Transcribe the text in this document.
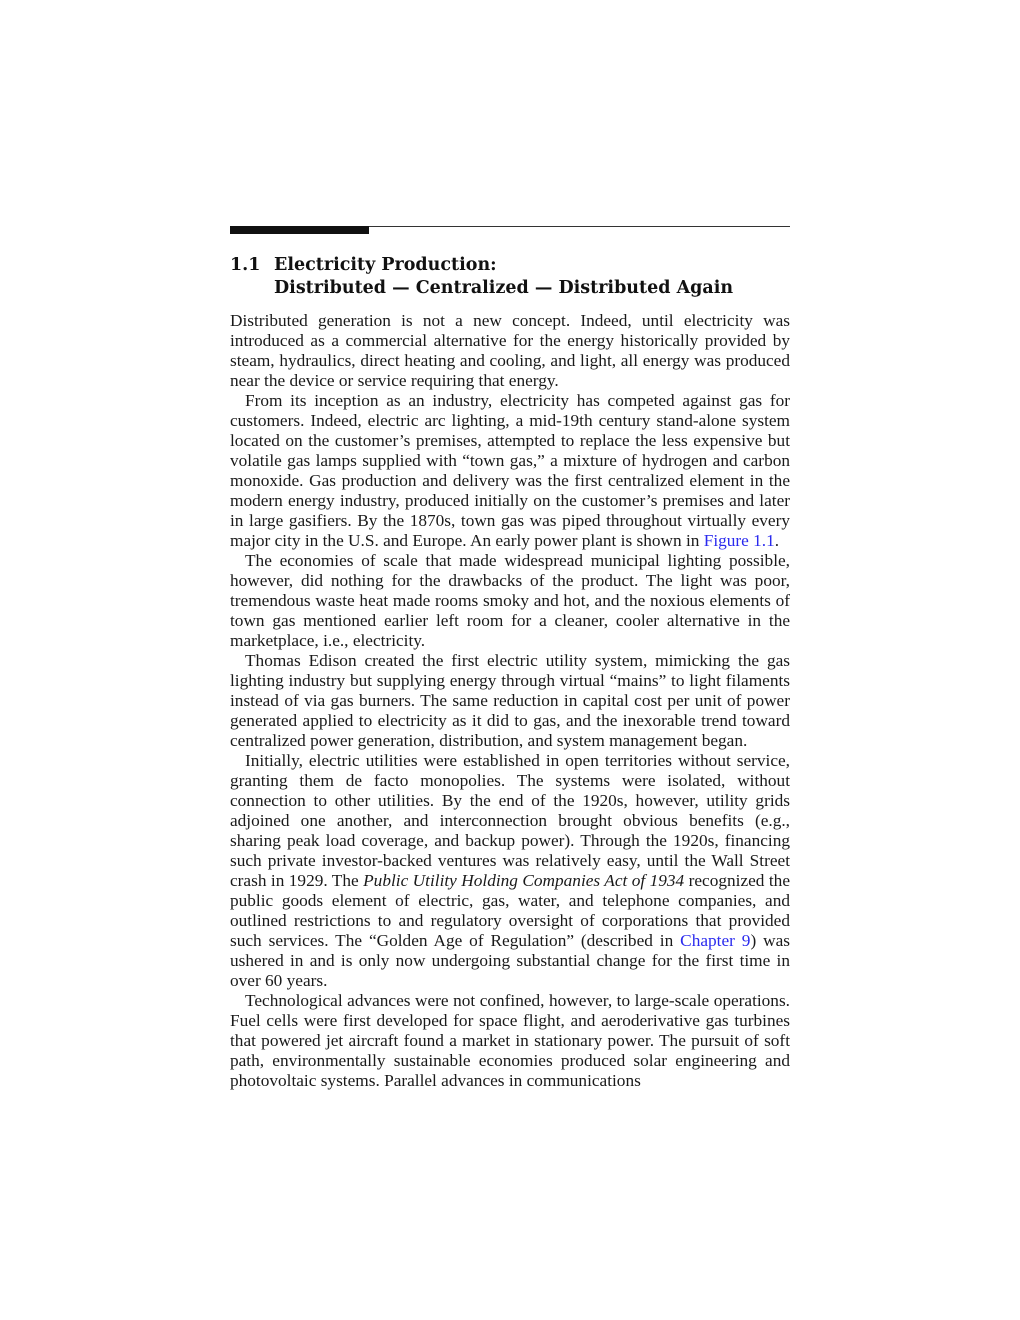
1.1 Electricity Production:
Distributed — Centralized — Distributed Again

Distributed generation is not a new concept. Indeed, until electricity was introduced as a commercial alternative for the energy historically provided by steam, hydraulics, direct heating and cooling, and light, all energy was produced near the device or service requiring that energy.

From its inception as an industry, electricity has competed against gas for customers. Indeed, electric arc lighting, a mid-19th century stand-alone system located on the customer’s premises, attempted to replace the less expensive but volatile gas lamps supplied with “town gas,” a mixture of hydrogen and carbon monoxide. Gas production and delivery was the first centralized element in the modern energy industry, produced initially on the customer’s premises and later in large gasifiers. By the 1870s, town gas was piped throughout virtually every major city in the U.S. and Europe. An early power plant is shown in Figure 1.1.

The economies of scale that made widespread municipal lighting possible, however, did nothing for the drawbacks of the product. The light was poor, tremendous waste heat made rooms smoky and hot, and the noxious elements of town gas mentioned earlier left room for a cleaner, cooler alternative in the marketplace, i.e., electricity.

Thomas Edison created the first electric utility system, mimicking the gas lighting industry but supplying energy through virtual “mains” to light filaments instead of via gas burners. The same reduction in capital cost per unit of power generated applied to electricity as it did to gas, and the inexorable trend toward centralized power generation, distribution, and system management began.

Initially, electric utilities were established in open territories without service, granting them de facto monopolies. The systems were isolated, without connection to other utilities. By the end of the 1920s, however, utility grids adjoined one another, and interconnection brought obvious benefits (e.g., sharing peak load coverage, and backup power). Through the 1920s, financing such private investor-backed ventures was relatively easy, until the Wall Street crash in 1929. The Public Utility Holding Companies Act of 1934 recognized the public goods element of electric, gas, water, and telephone companies, and outlined restrictions to and regulatory oversight of corporations that provided such services. The “Golden Age of Regulation” (described in Chapter 9) was ushered in and is only now undergoing substantial change for the first time in over 60 years.

Technological advances were not confined, however, to large-scale operations. Fuel cells were first developed for space flight, and aeroderivative gas turbines that powered jet aircraft found a market in stationary power. The pursuit of soft path, environmentally sustainable economies produced solar engineering and photovoltaic systems. Parallel advances in communications
